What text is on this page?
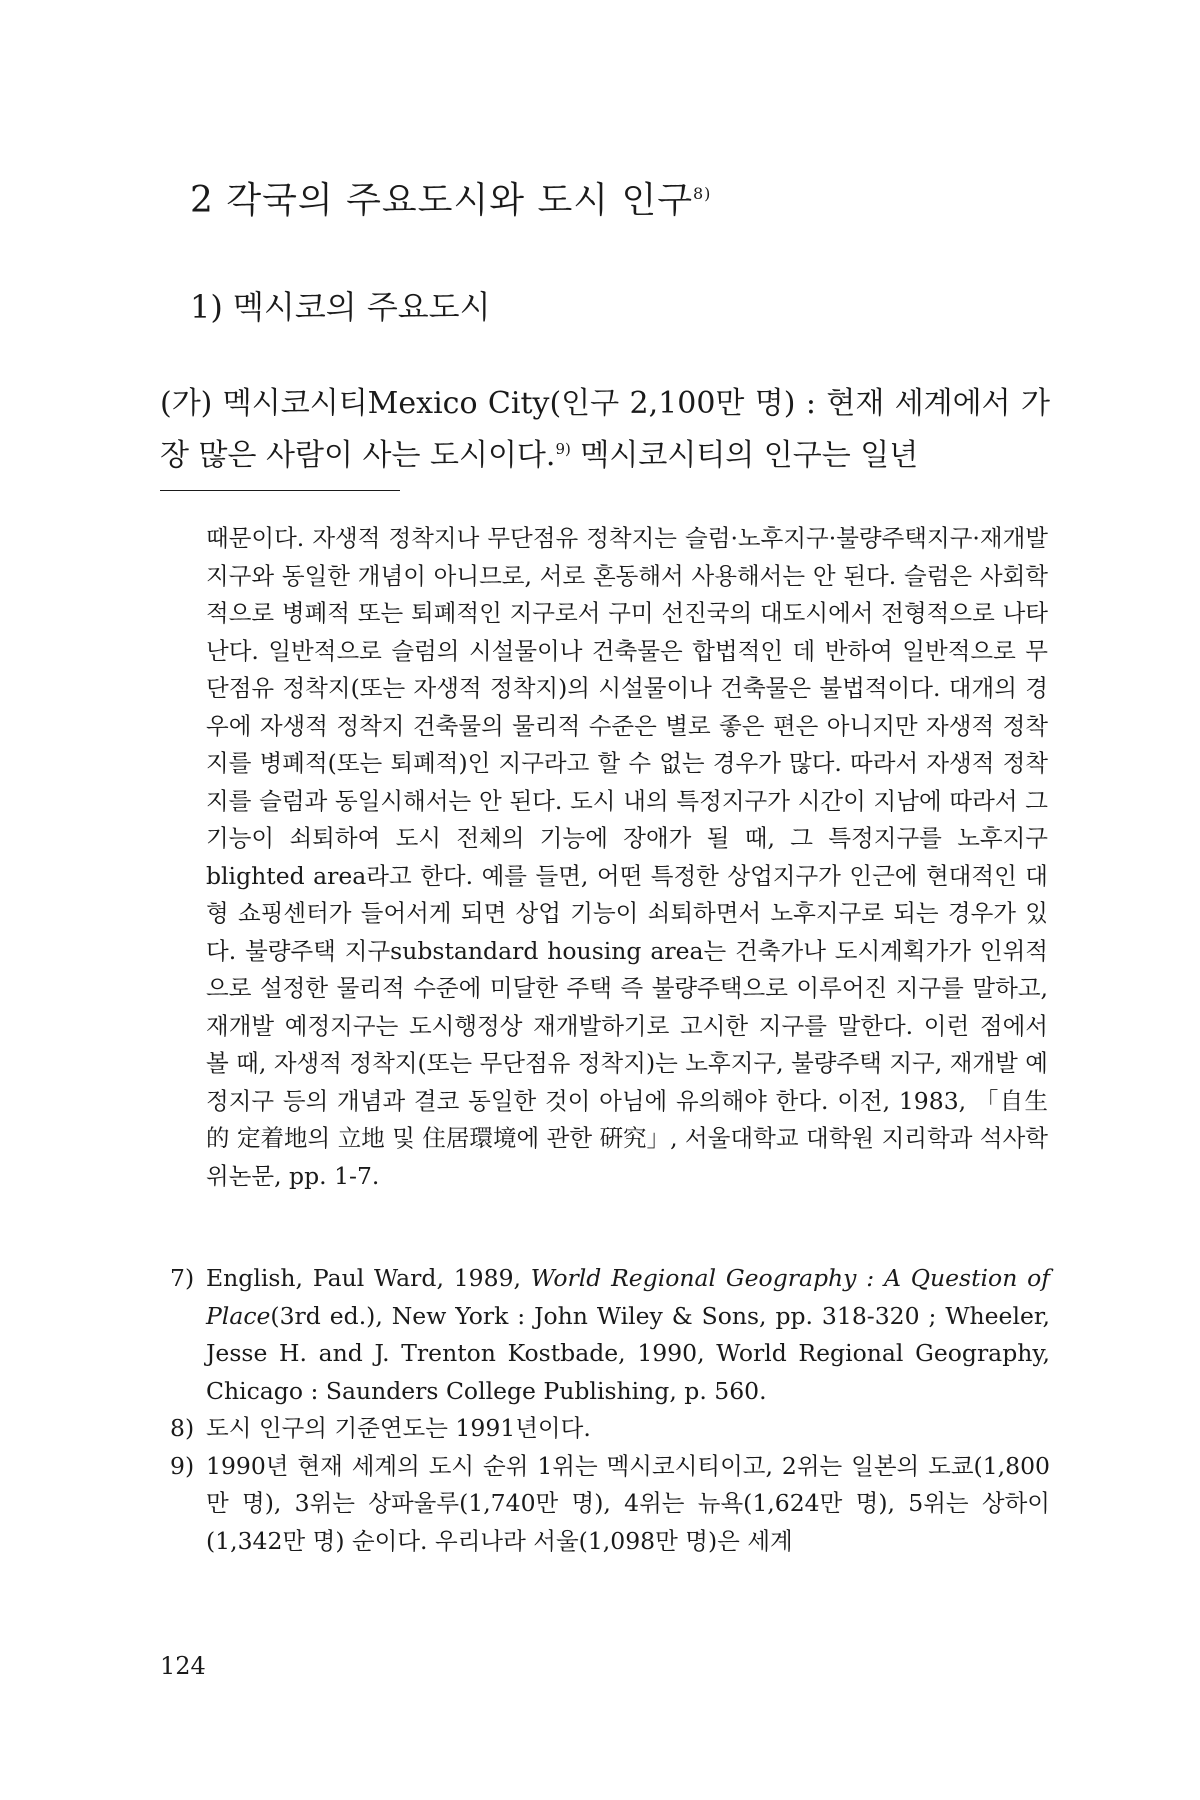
2 각국의 주요도시와 도시 인구$^{8)}$
1) 멕시코의 주요도시

(가) 멕시코시티Mexico City(인구 2,100만 명) : 현재 세계에서 가장 많은 사람이 사는 도시이다.$^{9)}$ 멕시코시티의 인구는 일년

때문이다. 자생적 정착지나 무단점유 정착지는 슬럼·노후지구·불량주택지구·재개발지구와 동일한 개념이 아니므로, 서로 혼동해서 사용해서는 안 된다. 슬럼은 사회학적으로 병폐적 또는 퇴폐적인 지구로서 구미 선진국의 대도시에서 전형적으로 나타난다. 일반적으로 슬럼의 시설물이나 건축물은 합법적인 데 반하여 일반적으로 무단점유 정착지(또는 자생적 정착지)의 시설물이나 건축물은 불법적이다. 대개의 경우에 자생적 정착지 건축물의 물리적 수준은 별로 좋은 편은 아니지만 자생적 정착지를 병폐적(또는 퇴폐적)인 지구라고 할 수 없는 경우가 많다. 따라서 자생적 정착지를 슬럼과 동일시해서는 안 된다. 도시 내의 특정지구가 시간이 지남에 따라서 그 기능이 쇠퇴하여 도시 전체의 기능에 장애가 될 때, 그 특정지구를 노후지구blighted area라고 한다. 예를 들면, 어떤 특정한 상업지구가 인근에 현대적인 대형 쇼핑센터가 들어서게 되면 상업 기능이 쇠퇴하면서 노후지구로 되는 경우가 있다. 불량주택 지구substandard housing area는 건축가나 도시계획가가 인위적으로 설정한 물리적 수준에 미달한 주택 즉 불량주택으로 이루어진 지구를 말하고, 재개발 예정지구는 도시행정상 재개발하기로 고시한 지구를 말한다. 이런 점에서 볼 때, 자생적 정착지(또는 무단점유 정착지)는 노후지구, 불량주택 지구, 재개발 예정지구 등의 개념과 결코 동일한 것이 아님에 유의해야 한다. 이전, 1983, 「自生的 定着地의 立地 및 住居環境에 관한 硏究」, 서울대학교 대학원 지리학과 석사학위논문, pp. 1-7.

7) English, Paul Ward, 1989, World Regional Geography : A Question of Place(3rd ed.), New York : John Wiley & Sons, pp. 318-320 ; Wheeler, Jesse H. and J. Trenton Kostbade, 1990, World Regional Geography, Chicago : Saunders College Publishing, p. 560.
8) 도시 인구의 기준연도는 1991년이다.
9) 1990년 현재 세계의 도시 순위 1위는 멕시코시티이고, 2위는 일본의 도쿄(1,800만 명), 3위는 상파울루(1,740만 명), 4위는 뉴욕(1,624만 명), 5위는 상하이(1,342만 명) 순이다. 우리나라 서울(1,098만 명)은 세계

124
